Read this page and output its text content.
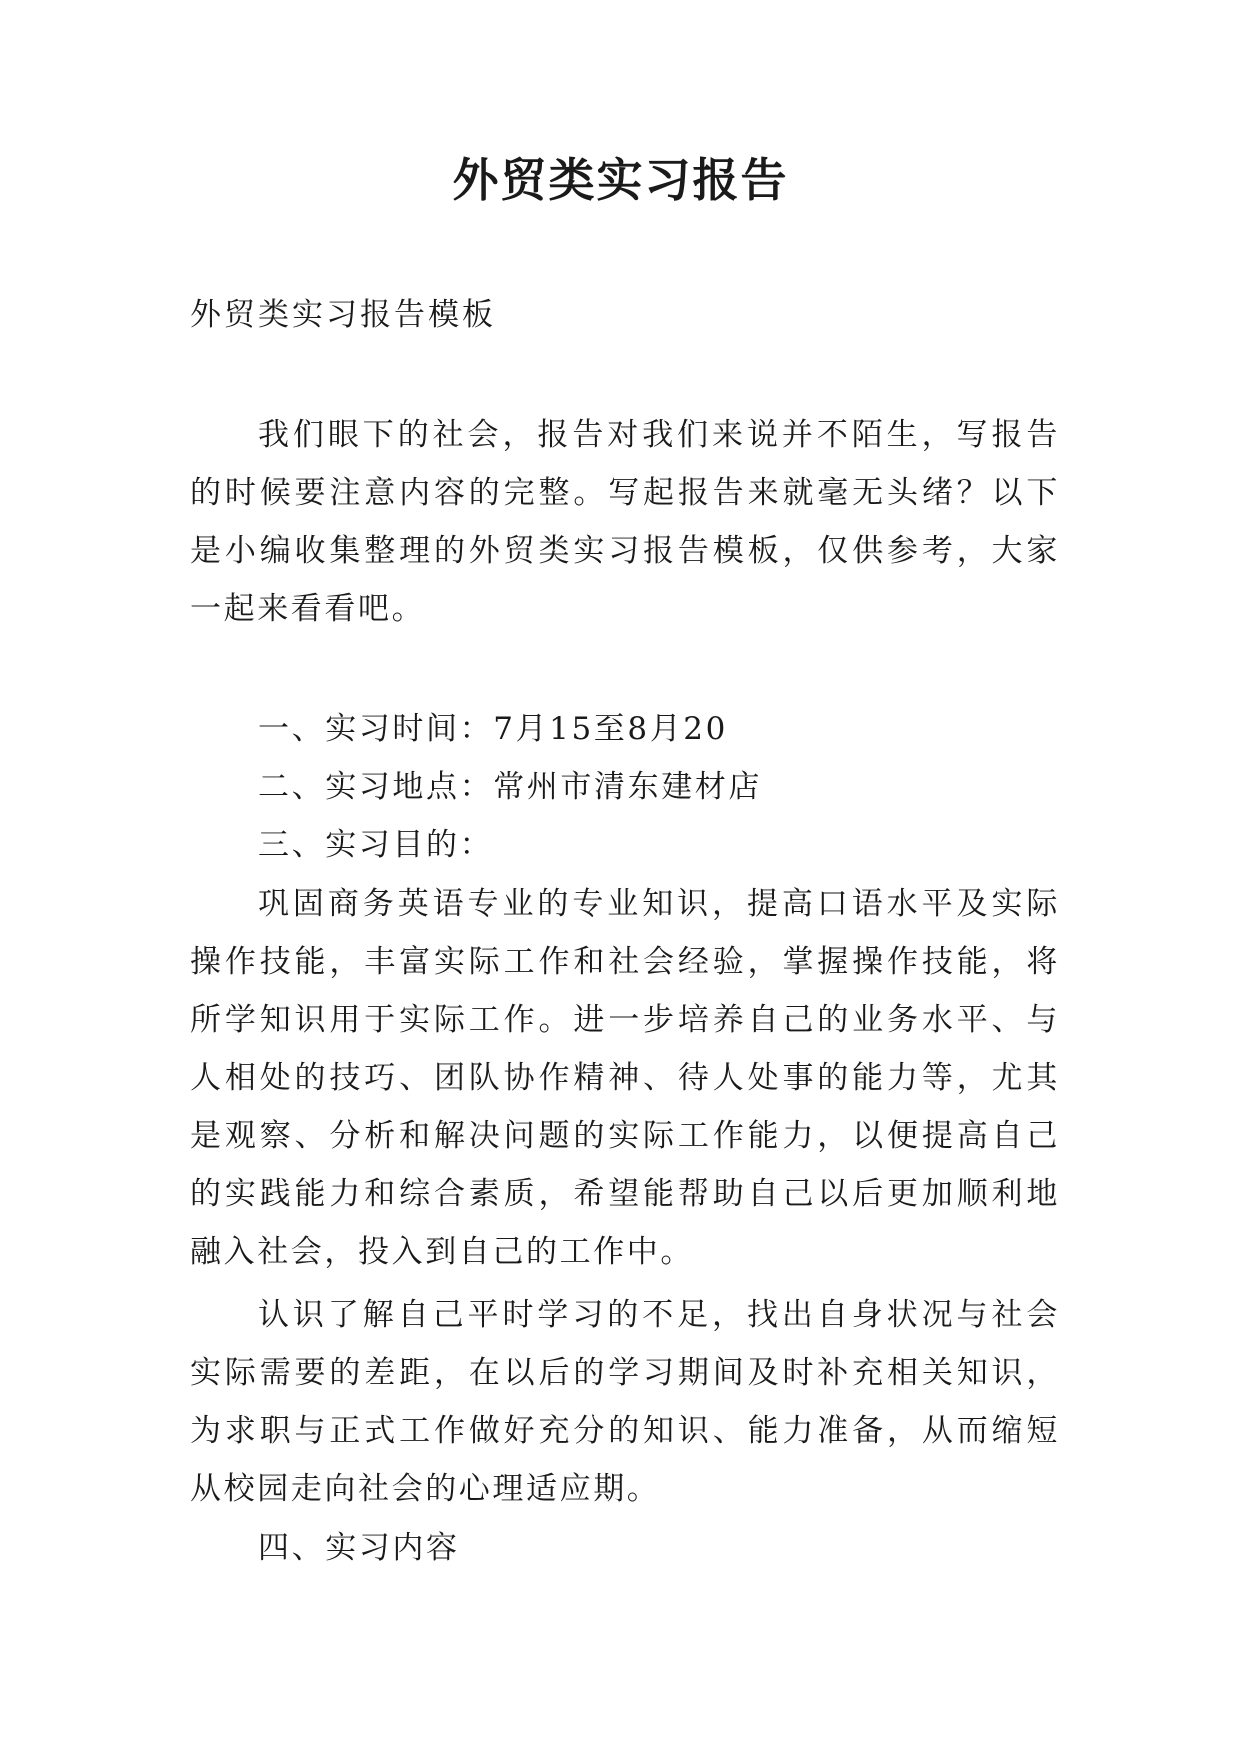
外贸类实习报告

外贸类实习报告模板

我们眼下的社会，报告对我们来说并不陌生，写报告的时候要注意内容的完整。写起报告来就毫无头绪？以下是小编收集整理的外贸类实习报告模板，仅供参考，大家一起来看看吧。

一、实习时间：7月15至8月20

二、实习地点：常州市清东建材店

三、实习目的：

巩固商务英语专业的专业知识，提高口语水平及实际操作技能，丰富实际工作和社会经验，掌握操作技能，将所学知识用于实际工作。进一步培养自己的业务水平、与人相处的技巧、团队协作精神、待人处事的能力等，尤其是观察、分析和解决问题的实际工作能力，以便提高自己的实践能力和综合素质，希望能帮助自己以后更加顺利地融入社会，投入到自己的工作中。

认识了解自己平时学习的不足，找出自身状况与社会实际需要的差距，在以后的学习期间及时补充相关知识，为求职与正式工作做好充分的知识、能力准备，从而缩短从校园走向社会的心理适应期。

四、实习内容
